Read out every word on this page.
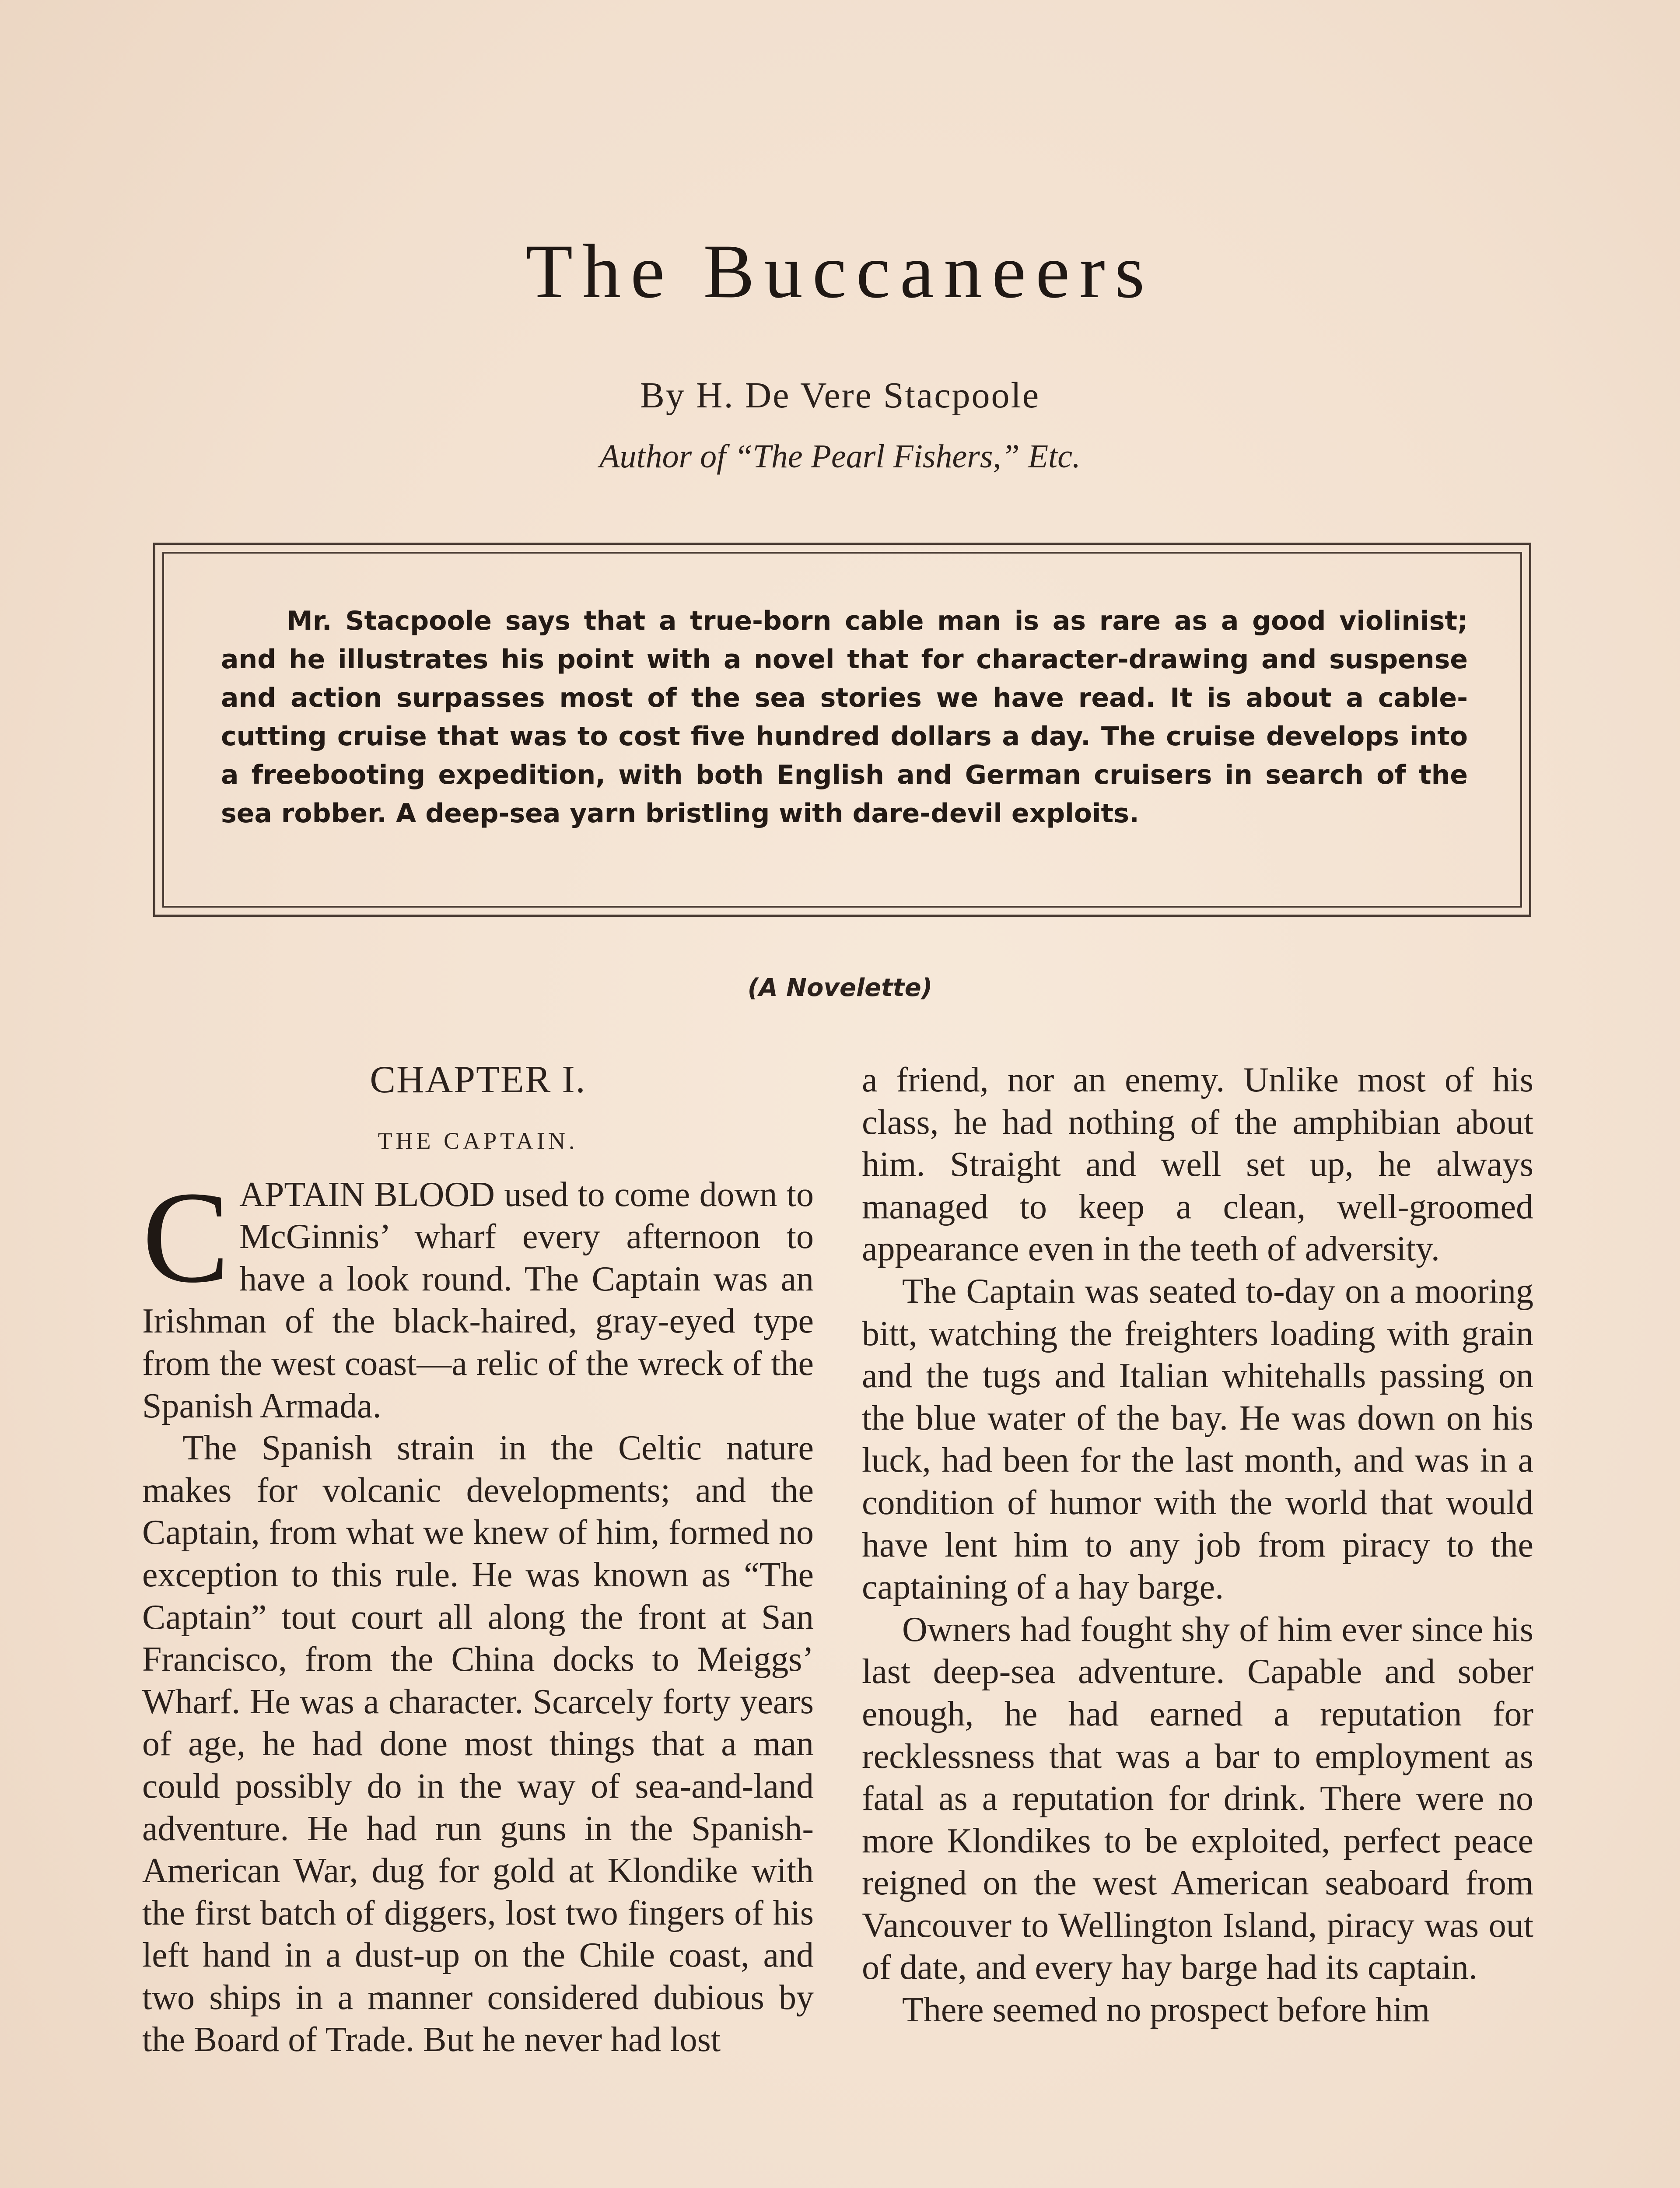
The Buccaneers
By H. De Vere Stacpoole
Author of “The Pearl Fishers,” Etc.

Mr. Stacpoole says that a true-born cable man is as rare as a good violinist; and he illustrates his point with a novel that for character-drawing and suspense and action surpasses most of the sea stories we have read. It is about a cable-cutting cruise that was to cost five hundred dollars a day. The cruise develops into a freebooting expedition, with both English and German cruisers in search of the sea robber. A deep-sea yarn bristling with dare-devil exploits.

(A Novelette)
CHAPTER I.
THE CAPTAIN.

CAPTAIN BLOOD used to come down to McGinnis’ wharf every afternoon to have a look round. The Captain was an Irishman of the black-haired, gray-eyed type from the west coast—a relic of the wreck of the Spanish Armada.

The Spanish strain in the Celtic nature makes for volcanic developments; and the Captain, from what we knew of him, formed no exception to this rule. He was known as “The Captain” tout court all along the front at San Francisco, from the China docks to Meiggs’ Wharf. He was a character. Scarcely forty years of age, he had done most things that a man could possibly do in the way of sea-and-land adventure. He had run guns in the Spanish-American War, dug for gold at Klondike with the first batch of diggers, lost two fingers of his left hand in a dust-up on the Chile coast, and two ships in a manner considered dubious by the Board of Trade. But he never had lost

a friend, nor an enemy. Unlike most of his class, he had nothing of the amphibian about him. Straight and well set up, he always managed to keep a clean, well-groomed appearance even in the teeth of adversity.

The Captain was seated to-day on a mooring bitt, watching the freighters loading with grain and the tugs and Italian whitehalls passing on the blue water of the bay. He was down on his luck, had been for the last month, and was in a condition of humor with the world that would have lent him to any job from piracy to the captaining of a hay barge.

Owners had fought shy of him ever since his last deep-sea adventure. Capable and sober enough, he had earned a reputation for recklessness that was a bar to employment as fatal as a reputation for drink. There were no more Klondikes to be exploited, perfect peace reigned on the west American seaboard from Vancouver to Wellington Island, piracy was out of date, and every hay barge had its captain.

There seemed no prospect before him
